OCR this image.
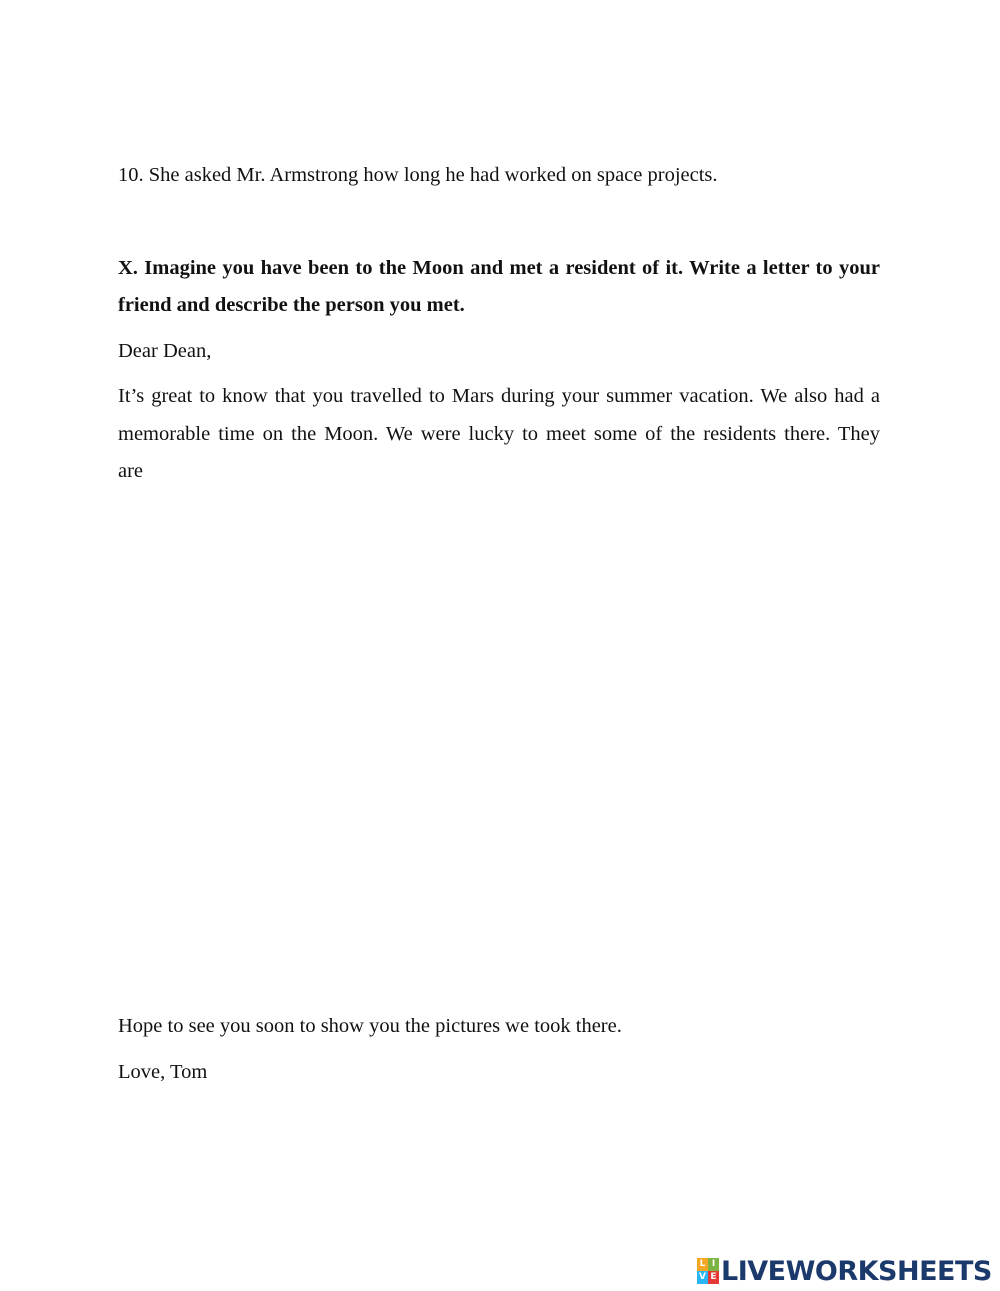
10. She asked Mr. Armstrong how long he had worked on space projects.
X. Imagine you have been to the Moon and met a resident of it. Write a letter to your
friend and describe the person you met.
Dear Dean,
It’s great to know that you travelled to Mars during your summer vacation. We also had a
memorable time on the Moon. We were lucky to meet some of the residents there. They
are
Hope to see you soon to show you the pictures we took there.
Love, Tom
L I
V E LIVEWORKSHEETS
